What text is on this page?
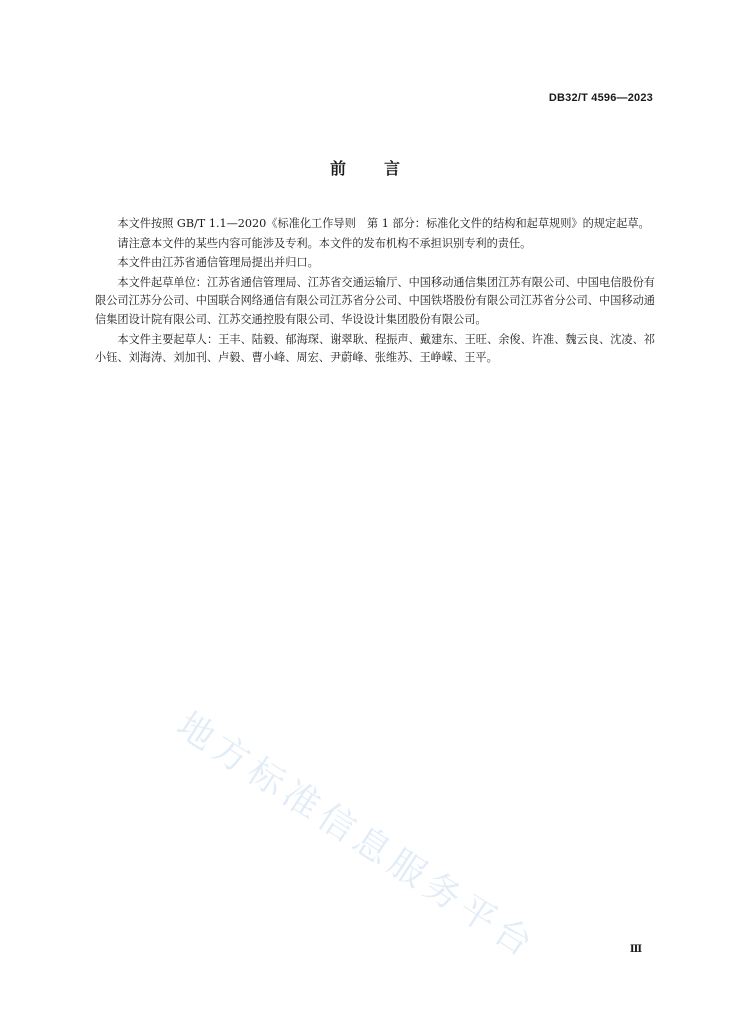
DB32/T 4596—2023
前言

本文件按照 GB/T 1.1—2020《标准化工作导则　第 1 部分：标准化文件的结构和起草规则》的规定起草。

请注意本文件的某些内容可能涉及专利。本文件的发布机构不承担识别专利的责任。

本文件由江苏省通信管理局提出并归口。

本文件起草单位：江苏省通信管理局、江苏省交通运输厅、中国移动通信集团江苏有限公司、中国电信股份有限公司江苏分公司、中国联合网络通信有限公司江苏省分公司、中国铁塔股份有限公司江苏省分公司、中国移动通信集团设计院有限公司、江苏交通控股有限公司、华设设计集团股份有限公司。

本文件主要起草人：王丰、陆毅、郁海琛、谢翠耿、程振声、戴建东、王旺、余俊、许准、魏云良、沈凌、祁小钰、刘海涛、刘加刊、卢毅、曹小峰、周宏、尹蔚峰、张维苏、王峥嵘、王平。

地方标准信息服务平台	Ⅲ
